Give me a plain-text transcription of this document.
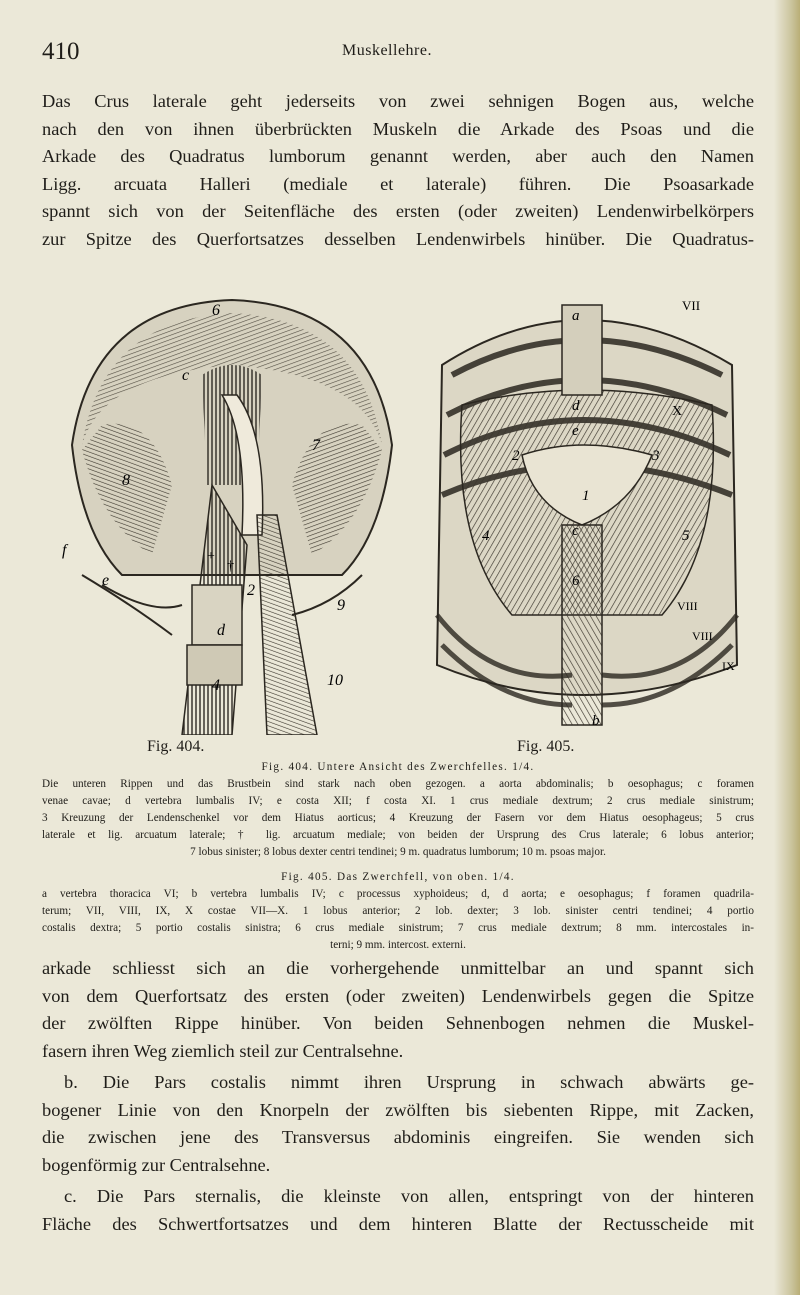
410	Muskellehre.
Das Crus laterale geht jederseits von zwei sehnigen Bogen aus, welche
nach den von ihnen überbrückten Muskeln die Arkade des Psoas und die
Arkade des Quadratus lumborum genannt werden, aber auch den Namen
Ligg. arcuata Halleri (mediale et laterale) führen. Die Psoasarkade
spannt sich von der Seitenfläche des ersten (oder zweiten) Lendenwirbelkörpers
zur Spitze des Querfortsatzes desselben Lendenwirbels hinüber. Die Quadratus-
6
c
7
8
f
e
+
†
2
9
d
4	10
a
VII
X
d
e
2	3
1
c	5
4
6
VIII
VIII
IX
b
Fig. 404.	Fig. 405.
Fig. 404. Untere Ansicht des Zwerchfelles. 1/4.
Die unteren Rippen und das Brustbein sind stark nach oben gezogen. a aorta abdominalis; b oesophagus; c foramen
venae cavae; d vertebra lumbalis IV; e costa XII; f costa XI. 1 crus mediale dextrum; 2 crus mediale sinistrum;
3 Kreuzung der Lendenschenkel vor dem Hiatus aorticus; 4 Kreuzung der Fasern vor dem Hiatus oesophageus; 5 crus
laterale et lig. arcuatum laterale; † lig. arcuatum mediale; von beiden der Ursprung des Crus laterale; 6 lobus anterior;
7 lobus sinister; 8 lobus dexter centri tendinei; 9 m. quadratus lumborum; 10 m. psoas major.
Fig. 405. Das Zwerchfell, von oben. 1/4.
a vertebra thoracica VI; b vertebra lumbalis IV; c processus xyphoideus; d, d aorta; e oesophagus; f foramen quadrila-
terum; VII, VIII, IX, X costae VII—X. 1 lobus anterior; 2 lob. dexter; 3 lob. sinister centri tendinei; 4 portio
costalis dextra; 5 portio costalis sinistra; 6 crus mediale sinistrum; 7 crus mediale dextrum; 8 mm. intercostales in-
terni; 9 mm. intercost. externi.
arkade schliesst sich an die vorhergehende unmittelbar an und spannt sich
von dem Querfortsatz des ersten (oder zweiten) Lendenwirbels gegen die Spitze
der zwölften Rippe hinüber. Von beiden Sehnenbogen nehmen die Muskel-
fasern ihren Weg ziemlich steil zur Centralsehne.
b. Die Pars costalis nimmt ihren Ursprung in schwach abwärts ge-
bogener Linie von den Knorpeln der zwölften bis siebenten Rippe, mit Zacken,
die zwischen jene des Transversus abdominis eingreifen. Sie wenden sich
bogenförmig zur Centralsehne.
c. Die Pars sternalis, die kleinste von allen, entspringt von der hinteren
Fläche des Schwertfortsatzes und dem hinteren Blatte der Rectusscheide mit
